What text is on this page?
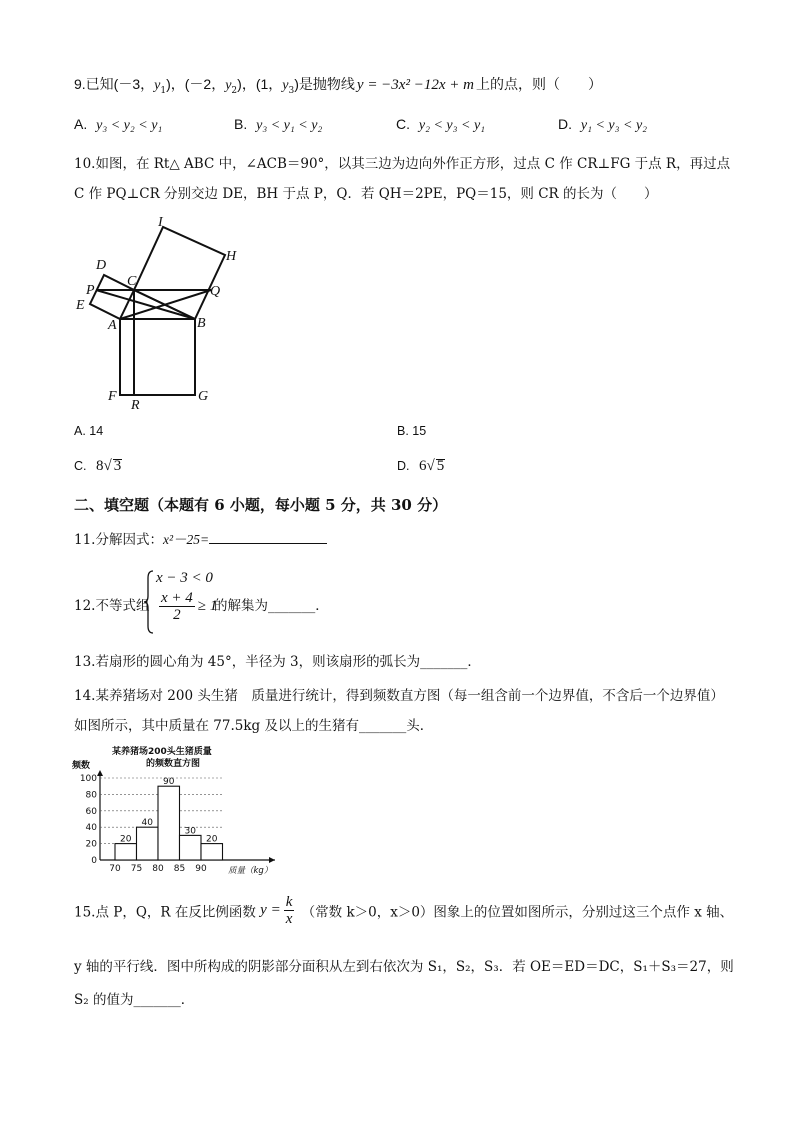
9.已知(－3，$y_1$)，(－2，$y_2$)，(1，$y_3$)是抛物线 y = −3x² −12x + m 上的点，则（　　）
A. y₃ < y₂ < y₁	B. y₃ < y₁ < y₂	C. y₂ < y₃ < y₁	D. y₁ < y₃ < y₂
10.如图，在 Rt△ ABC 中，∠ACB＝90°，以其三边为边向外作正方形，过点 C 作 CR⊥FG 于点 R，再过点
C 作 PQ⊥CR 分别交边 DE，BH 于点 P，Q．若 QH＝2PE，PQ＝15，则 CR 的长为（　　）
I
H
D
C
P	Q
E
A	B
F
R
G
A. 14	B. 15
C. 8√ 3	D. 6√ 5
二、填空题（本题有 6 小题，每小题 5 分，共 30 分）
11.分解因式：x²－25=
12.不等式组
x − 3 < 0
$\frac{x + 4}{2} \ge 1$
的解集为_______．
13.若扇形的圆心角为 45°，半径为 3，则该扇形的弧长为_______．
14.某养猪场对 200 头生猪　质量进行统计，得到频数直方图（每一组含前一个边界值，不含后一个边界值）
如图所示，其中质量在 77.5kg 及以上的生猪有_______头．
某养猪场200头生猪质量
的频数直方图
频数
质量（kg）
100
80
60
40
20
0
20
40
90
30
20
70 75 80 85 90
15.点 P，Q，R 在反比例函数 $y = \frac{k}{x}$ （常数 k＞0，x＞0）图象上的位置如图所示，分别过这三个点作 x 轴、
y 轴的平行线．图中所构成的阴影部分面积从左到右依次为 S₁，S₂，S₃．若 OE＝ED＝DC，S₁＋S₃＝27，则
S₂ 的值为_______．
